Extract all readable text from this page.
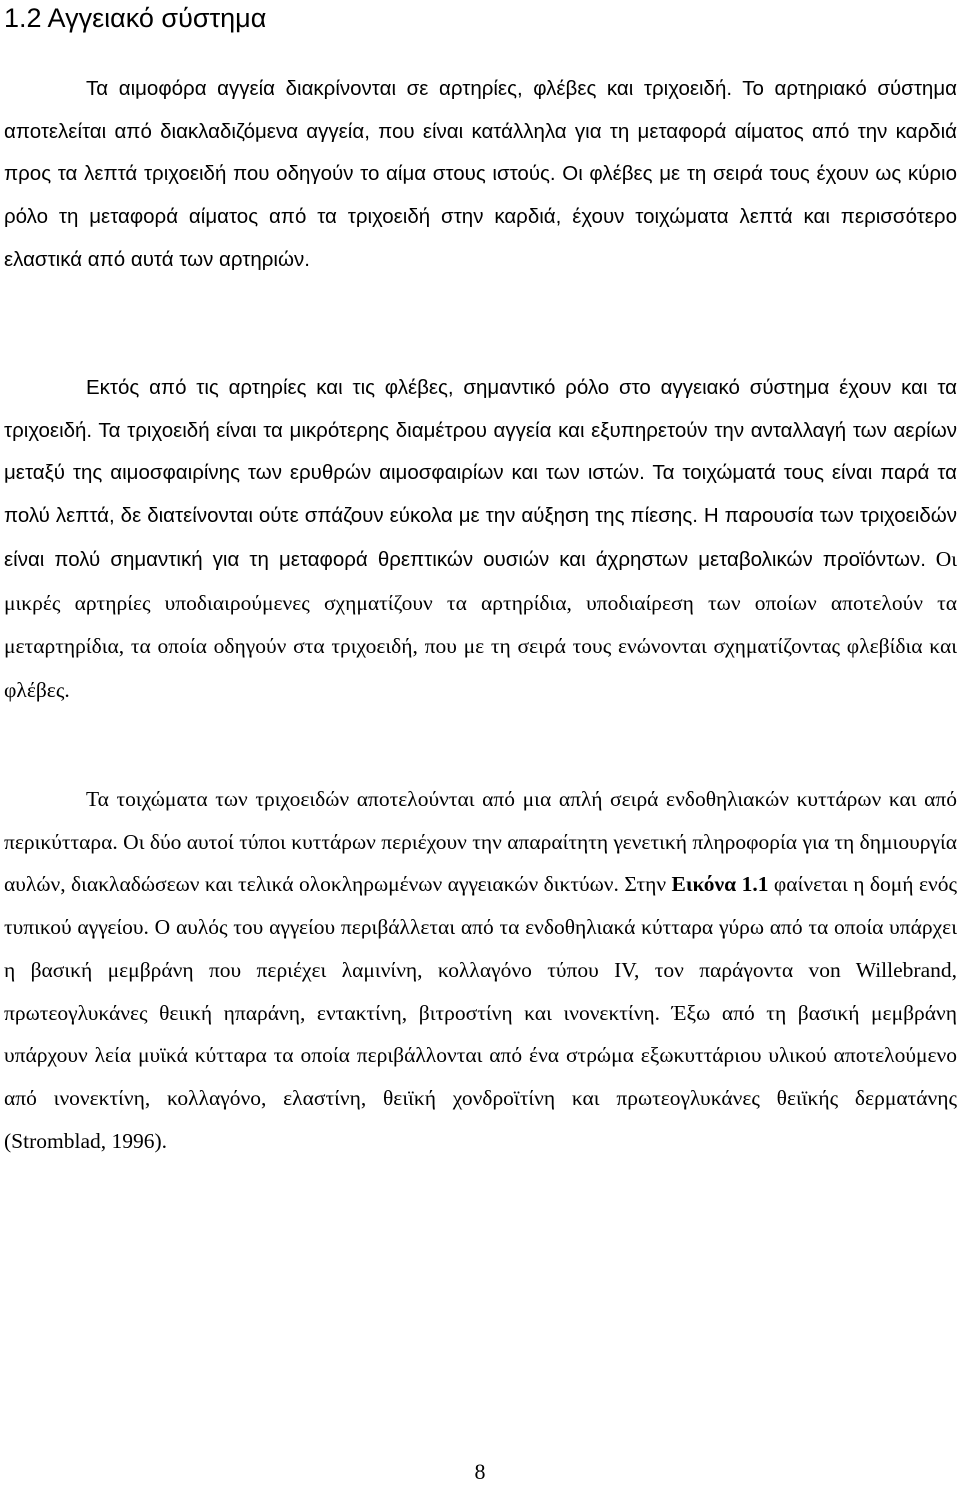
1.2 Αγγειακό σύστημα

Τα αιμοφόρα αγγεία διακρίνονται σε αρτηρίες, φλέβες και τριχοειδή. Το αρτηριακό σύστημα αποτελείται από διακλαδιζόμενα αγγεία, που είναι κατάλληλα για τη μεταφορά αίματος από την καρδιά προς τα λεπτά τριχοειδή που οδηγούν το αίμα στους ιστούς. Οι φλέβες με τη σειρά τους έχουν ως κύριο ρόλο τη μεταφορά αίματος από τα τριχοειδή στην καρδιά, έχουν τοιχώματα λεπτά και περισσότερο ελαστικά από αυτά των αρτηριών.

Εκτός από τις αρτηρίες και τις φλέβες, σημαντικό ρόλο στο αγγειακό σύστημα έχουν και τα τριχοειδή. Τα τριχοειδή είναι τα μικρότερης διαμέτρου αγγεία και εξυπηρετούν την ανταλλαγή των αερίων μεταξύ της αιμοσφαιρίνης των ερυθρών αιμοσφαιρίων και των ιστών. Τα τοιχώματά τους είναι παρά τα πολύ λεπτά, δε διατείνονται ούτε σπάζουν εύκολα με την αύξηση της πίεσης. Η παρουσία των τριχοειδών είναι πολύ σημαντική για τη μεταφορά θρεπτικών ουσιών και άχρηστων μεταβολικών προϊόντων. Οι μικρές αρτηρίες υποδιαιρούμενες σχηματίζουν τα αρτηρίδια, υποδιαίρεση των οποίων αποτελούν τα μεταρτηρίδια, τα οποία οδηγούν στα τριχοειδή, που με τη σειρά τους ενώνονται σχηματίζοντας φλεβίδια και φλέβες.

Τα τοιχώματα των τριχοειδών αποτελούνται από μια απλή σειρά ενδοθηλιακών κυττάρων και από περικύτταρα. Οι δύο αυτοί τύποι κυττάρων περιέχουν την απαραίτητη γενετική πληροφορία για τη δημιουργία αυλών, διακλαδώσεων και τελικά ολοκληρωμένων αγγειακών δικτύων. Στην Εικόνα 1.1 φαίνεται η δομή ενός τυπικού αγγείου. Ο αυλός του αγγείου περιβάλλεται από τα ενδοθηλιακά κύτταρα γύρω από τα οποία υπάρχει η βασική μεμβράνη που περιέχει λαμινίνη, κολλαγόνο τύπου IV, τον παράγοντα von Willebrand, πρωτεογλυκάνες θειική ηπαράνη, εντακτίνη, βιτροστίνη και ινονεκτίνη. Έξω από τη βασική μεμβράνη υπάρχουν λεία μυϊκά κύτταρα τα οποία περιβάλλονται από ένα στρώμα εξωκυττάριου υλικού αποτελούμενο από ινονεκτίνη, κολλαγόνο, ελαστίνη, θειϊκή χονδροϊτίνη και πρωτεογλυκάνες θειϊκής δερματάνης (Stromblad, 1996).

8
